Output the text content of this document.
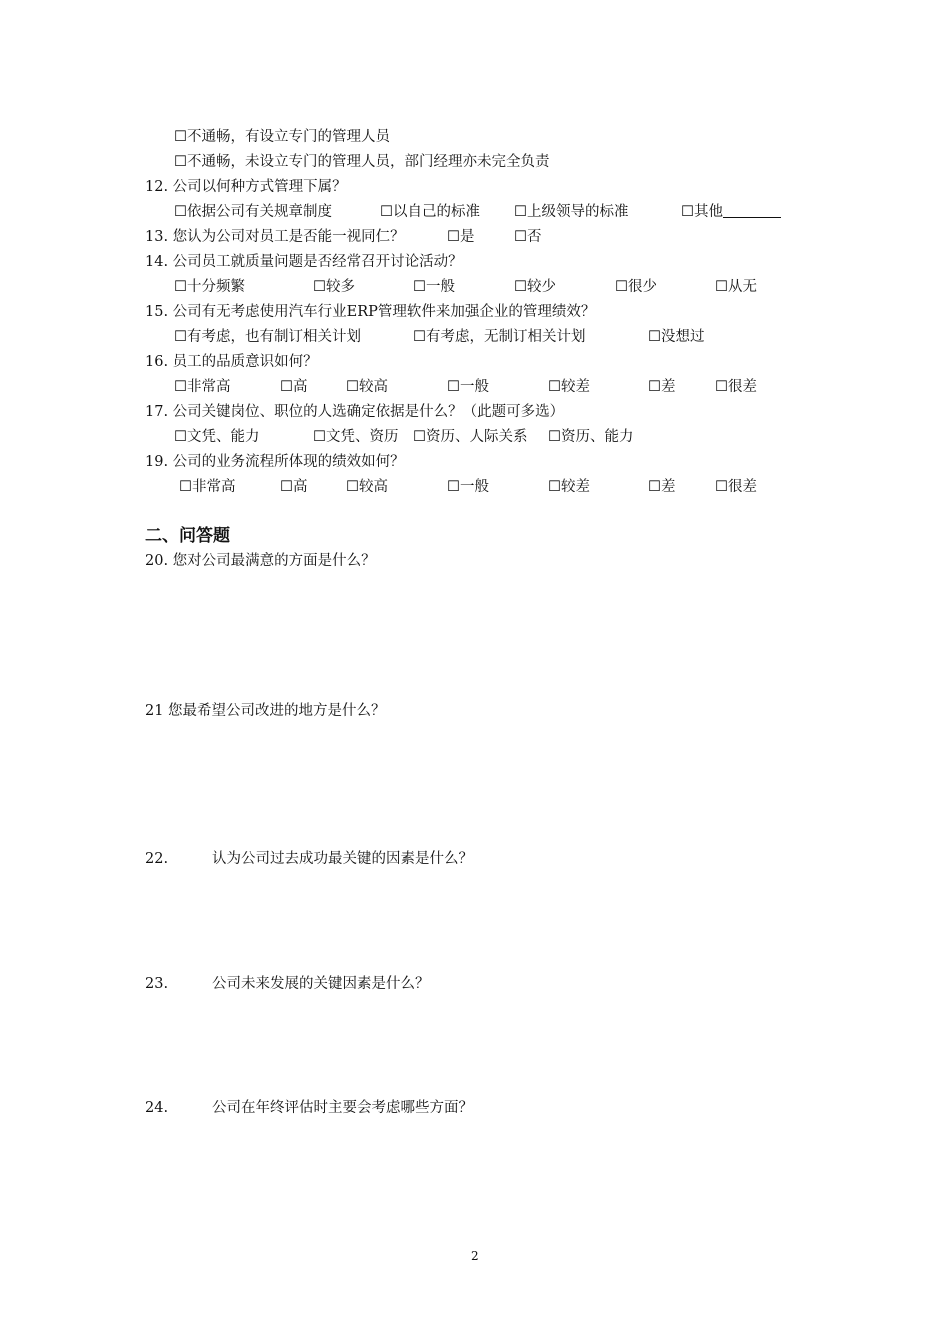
☐不通畅，有设立专门的管理人员
☐不通畅，未设立专门的管理人员，部门经理亦未完全负责
12. 公司以何种方式管理下属？
☐依据公司有关规章制度	☐以自己的标准 ☐上级领导的标准	☐其他
13. 您认为公司对员工是否能一视同仁？	☐是	☐否
14. 公司员工就质量问题是否经常召开讨论活动？
☐十分频繁	☐较多	☐一般	☐较少	☐很少	☐从无
15. 公司有无考虑使用汽车行业ERP管理软件来加强企业的管理绩效？
☐有考虑，也有制订相关计划	☐有考虑，无制订相关计划	☐没想过
16. 员工的品质意识如何？
☐非常高	☐高	☐较高	☐一般	☐较差	☐差	☐很差
17. 公司关键岗位、职位的人选确定依据是什么？（此题可多选）
☐文凭、能力	☐文凭、资历 ☐资历、人际关系 ☐资历、能力
19. 公司的业务流程所体现的绩效如何？
☐非常高	☐高	☐较高	☐一般	☐较差	☐差	☐很差
二、问答题
20. 您对公司最满意的方面是什么？
21 您最希望公司改进的地方是什么？
22.	认为公司过去成功最关键的因素是什么？
23.	公司未来发展的关键因素是什么？
24.	公司在年终评估时主要会考虑哪些方面？
2
